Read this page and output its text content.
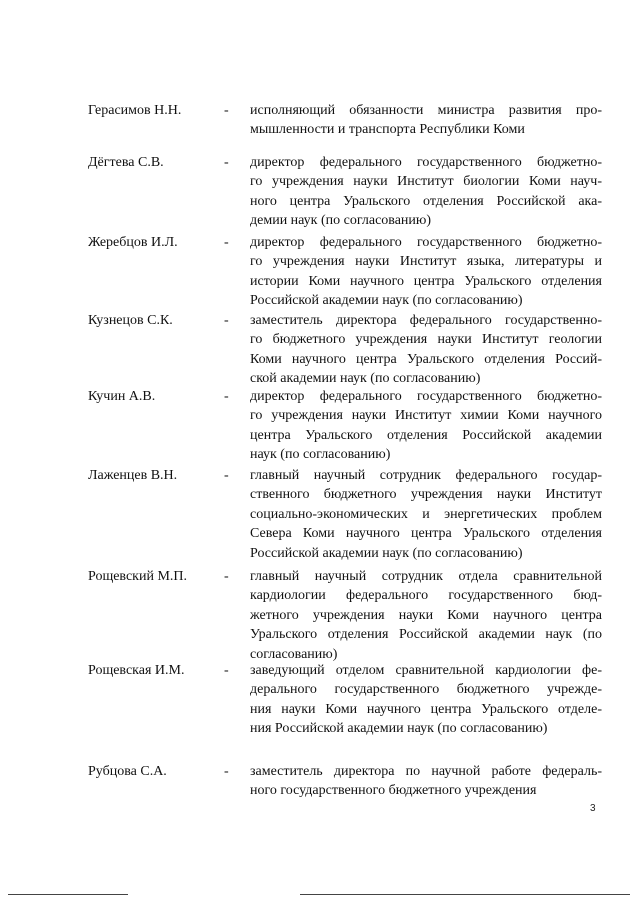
Герасимов Н.Н.	- исполняющий обязанности министра развития про-
мышленности и транспорта Республики Коми
Дёгтева С.В.	- директор федерального государственного бюджетно-
го учреждения науки Институт биологии Коми науч-
ного центра Уральского отделения Российской ака-
демии наук (по согласованию)
Жеребцов И.Л.	- директор федерального государственного бюджетно-
го учреждения науки Институт языка, литературы и
истории Коми научного центра Уральского отделения
Российской академии наук (по согласованию)
Кузнецов С.К.	- заместитель директора федерального государственно-
го бюджетного учреждения науки Институт геологии
Коми научного центра Уральского отделения Россий-
ской академии наук (по согласованию)
Кучин А.В.	- директор федерального государственного бюджетно-
го учреждения науки Институт химии Коми научного
центра Уральского отделения Российской академии
наук (по согласованию)
Лаженцев В.Н.	- главный научный сотрудник федерального государ-
ственного бюджетного учреждения науки Институт
социально-экономических и энергетических проблем
Севера Коми научного центра Уральского отделения
Российской академии наук (по согласованию)
Рощевский М.П.	- главный научный сотрудник отдела сравнительной
кардиологии федерального государственного бюд-
жетного учреждения науки Коми научного центра
Уральского отделения Российской академии наук (по
согласованию)
Рощевская И.М.	- заведующий отделом сравнительной кардиологии фе-
дерального государственного бюджетного учрежде-
ния науки Коми научного центра Уральского отделе-
ния Российской академии наук (по согласованию)
Рубцова С.А.	- заместитель директора по научной работе федераль-
ного государственного бюджетного учреждения
3
